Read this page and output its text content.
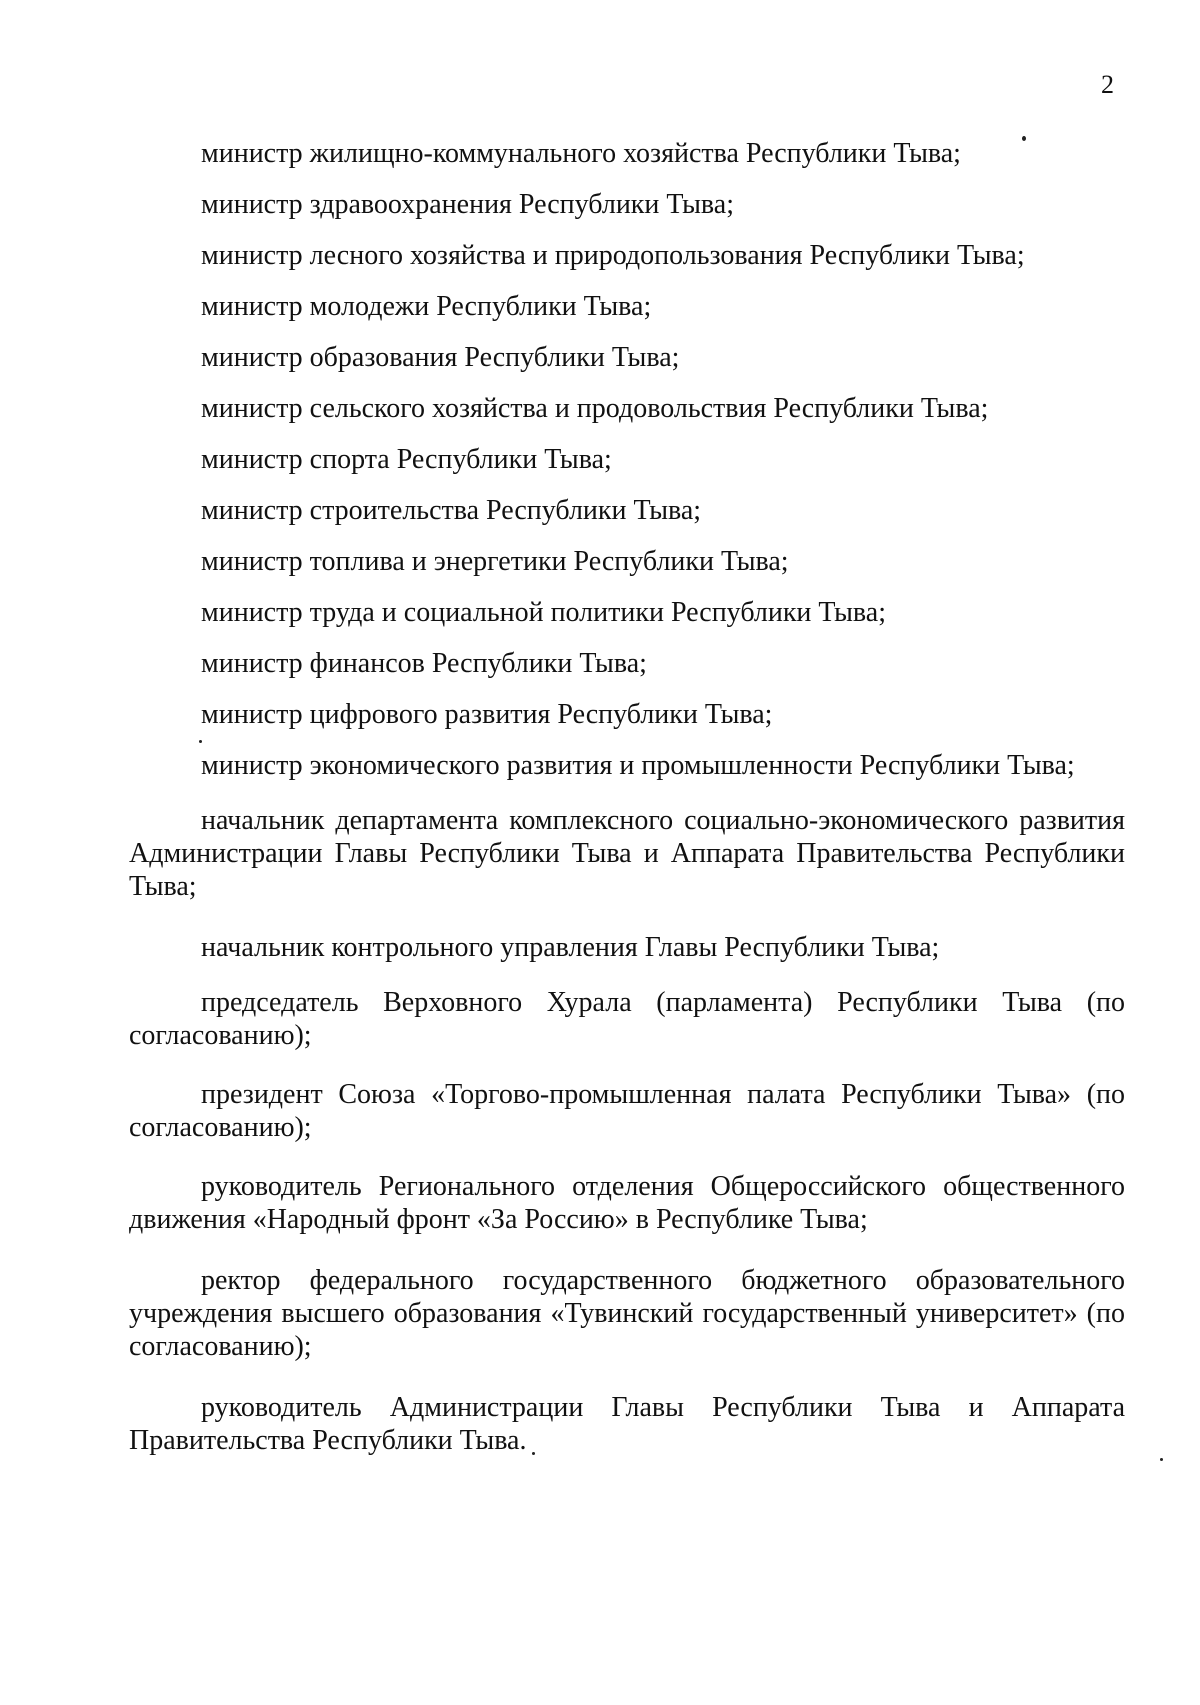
2

министр жилищно-коммунального хозяйства Республики Тыва;

министр здравоохранения Республики Тыва;

министр лесного хозяйства и природопользования Республики Тыва;

министр молодежи Республики Тыва;

министр образования Республики Тыва;

министр сельского хозяйства и продовольствия Республики Тыва;

министр спорта Республики Тыва;

министр строительства Республики Тыва;

министр топлива и энергетики Республики Тыва;

министр труда и социальной политики Республики Тыва;

министр финансов Республики Тыва;

министр цифрового развития Республики Тыва;

министр экономического развития и промышленности Республики Тыва;

начальник департамента комплексного социально-экономического развития Администрации Главы Республики Тыва и Аппарата Правительства Республики Тыва;

начальник контрольного управления Главы Республики Тыва;

председатель Верховного Хурала (парламента) Республики Тыва (по согласованию);

президент Союза «Торгово-промышленная палата Республики Тыва» (по согласованию);

руководитель Регионального отделения Общероссийского общественного движения «Народный фронт «За Россию» в Республике Тыва;

ректор федерального государственного бюджетного образовательного учреждения высшего образования «Тувинский государственный университет» (по согласованию);

руководитель Администрации Главы Республики Тыва и Аппарата Правительства Республики Тыва.
